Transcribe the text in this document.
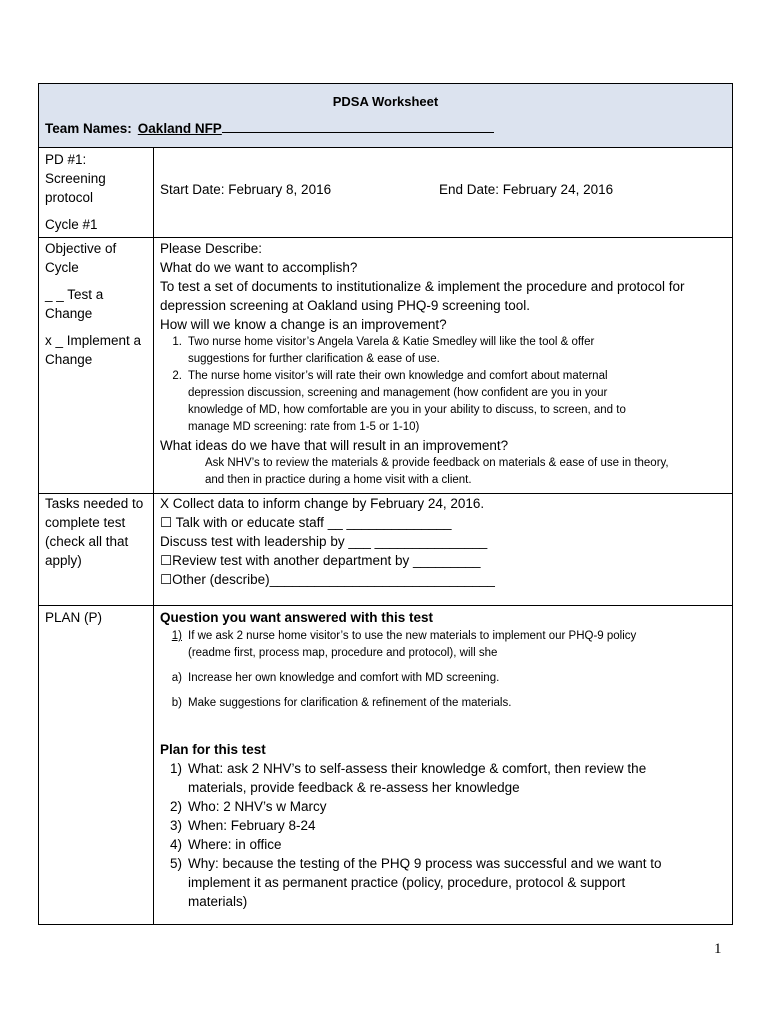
PDSA Worksheet
Team Names: Oakland NFP

PD #1:

Screening

protocol

Cycle #1

Start Date: February 8, 2016	End Date: February 24, 2016

Objective of

Cycle

_ _ Test a

Change

x _ Implement a

Change

Please Describe:

What do we want to accomplish?

To test a set of documents to institutionalize & implement the procedure and protocol for

depression screening at Oakland using PHQ-9 screening tool.

How will we know a change is an improvement?

1. Two nurse home visitor’s Angela Varela & Katie Smedley will like the tool & offer
suggestions for further clarification & ease of use.
2. The nurse home visitor’s will rate their own knowledge and comfort about maternal
depression discussion, screening and management (how confident are you in your
knowledge of MD, how comfortable are you in your ability to discuss, to screen, and to
manage MD screening: rate from 1-5 or 1-10)

What ideas do we have that will result in an improvement?

Ask NHV’s to review the materials & provide feedback on materials & ease of use in theory,

and then in practice during a home visit with a client.

Tasks needed to

complete test

(check all that

apply)

X Collect data to inform change by February 24, 2016.

☐ Talk with or educate staff __ ______________

Discuss test with leadership by ___ _______________

☐Review test with another department by _________

☐Other (describe)______________________________

PLAN (P)	Question you want answered with this test

1) If we ask 2 nurse home visitor’s to use the new materials to implement our PHQ-9 policy
(readme first, process map, procedure and protocol), will she
a) Increase her own knowledge and comfort with MD screening.
b) Make suggestions for clarification & refinement of the materials.

Plan for this test

1) What: ask 2 NHV’s to self-assess their knowledge & comfort, then review the
materials, provide feedback & re-assess her knowledge
2) Who: 2 NHV’s w Marcy
3) When: February 8-24
4) Where: in office
5) Why: because the testing of the PHQ 9 process was successful and we want to
implement it as permanent practice (policy, procedure, protocol & support
materials)
1
